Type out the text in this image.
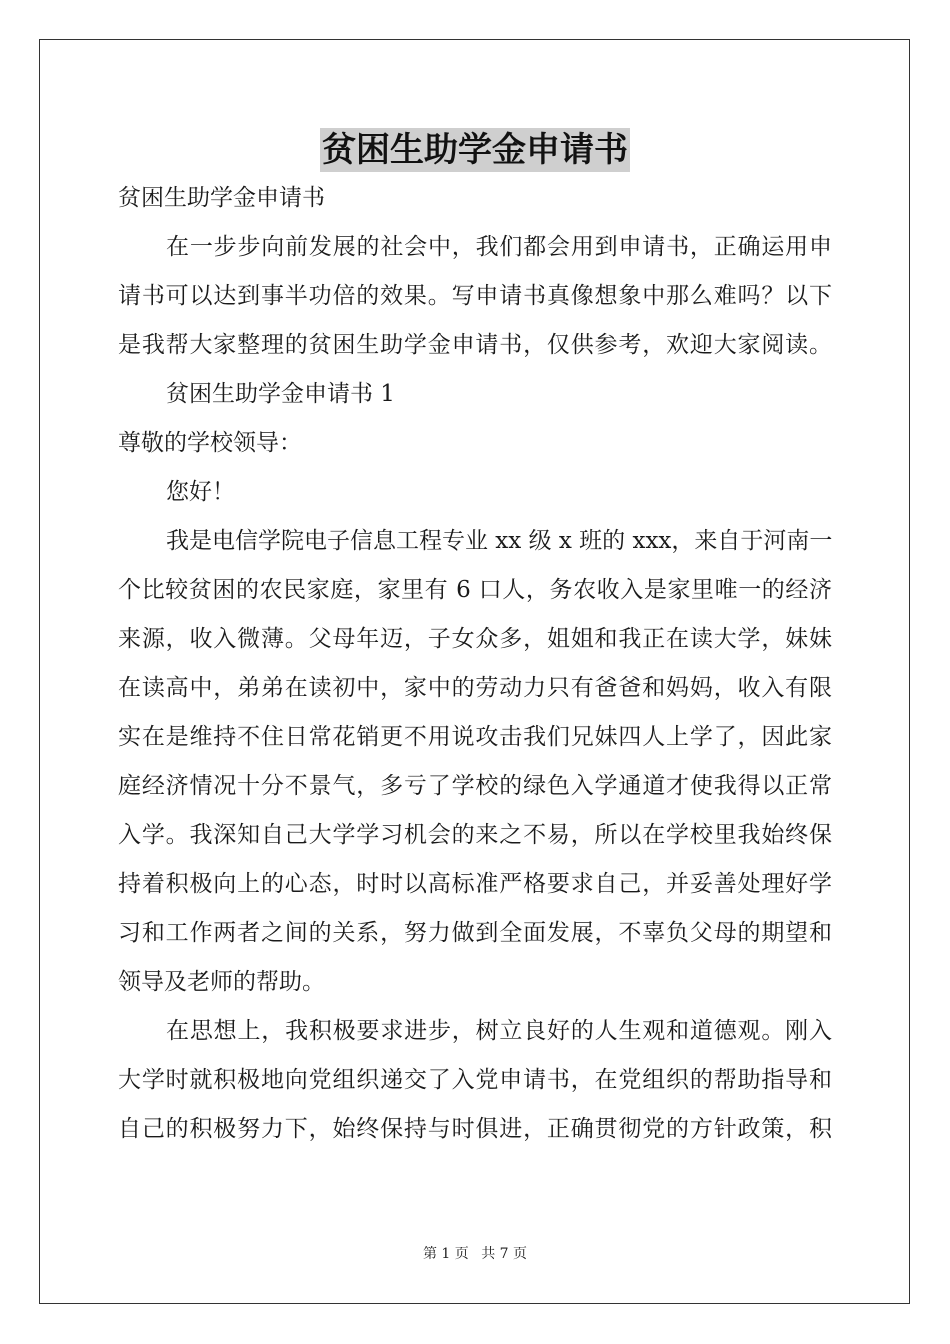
贫困生助学金申请书
贫困生助学金申请书
在一步步向前发展的社会中，我们都会用到申请书，正确运用申
请书可以达到事半功倍的效果。写申请书真像想象中那么难吗？以下
是我帮大家整理的贫困生助学金申请书，仅供参考，欢迎大家阅读。
贫困生助学金申请书 1
尊敬的学校领导：
您好！
我是电信学院电子信息工程专业 xx 级 x 班的 xxx，来自于河南一
个比较贫困的农民家庭，家里有 6 口人，务农收入是家里唯一的经济
来源，收入微薄。父母年迈，子女众多，姐姐和我正在读大学，妹妹
在读高中，弟弟在读初中，家中的劳动力只有爸爸和妈妈，收入有限
实在是维持不住日常花销更不用说攻击我们兄妹四人上学了，因此家
庭经济情况十分不景气，多亏了学校的绿色入学通道才使我得以正常
入学。我深知自己大学学习机会的来之不易，所以在学校里我始终保
持着积极向上的心态，时时以高标准严格要求自己，并妥善处理好学
习和工作两者之间的关系，努力做到全面发展，不辜负父母的期望和
领导及老师的帮助。
在思想上，我积极要求进步，树立良好的人生观和道德观。刚入
大学时就积极地向党组织递交了入党申请书，在党组织的帮助指导和
自己的积极努力下，始终保持与时俱进，正确贯彻党的方针政策，积
第 1 页 共 7 页
